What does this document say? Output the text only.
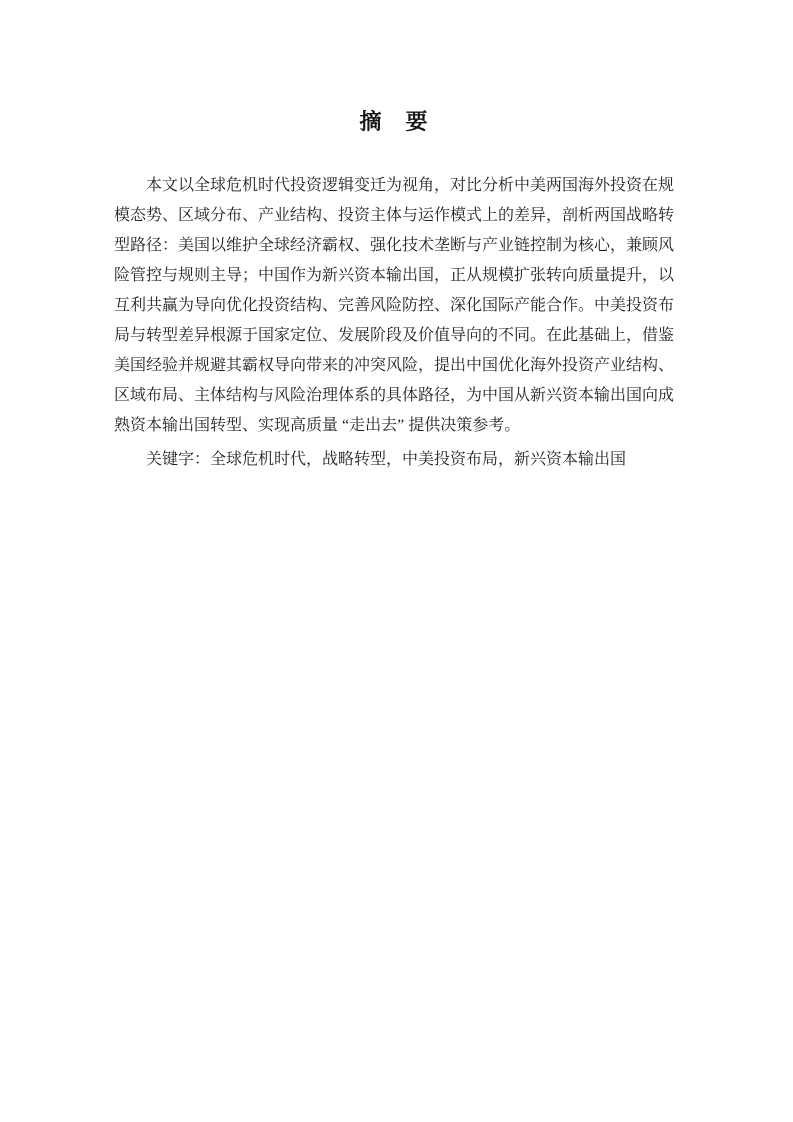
摘　要

本文以全球危机时代投资逻辑变迁为视角，对比分析中美两国海外投资在规模态势、区域分布、产业结构、投资主体与运作模式上的差异，剖析两国战略转型路径：美国以维护全球经济霸权、强化技术垄断与产业链控制为核心，兼顾风险管控与规则主导；中国作为新兴资本输出国，正从规模扩张转向质量提升，以互利共赢为导向优化投资结构、完善风险防控、深化国际产能合作。中美投资布局与转型差异根源于国家定位、发展阶段及价值导向的不同。在此基础上，借鉴美国经验并规避其霸权导向带来的冲突风险，提出中国优化海外投资产业结构、区域布局、主体结构与风险治理体系的具体路径，为中国从新兴资本输出国向成熟资本输出国转型、实现高质量 “走出去” 提供决策参考。

关键字：全球危机时代，战略转型，中美投资布局，新兴资本输出国
